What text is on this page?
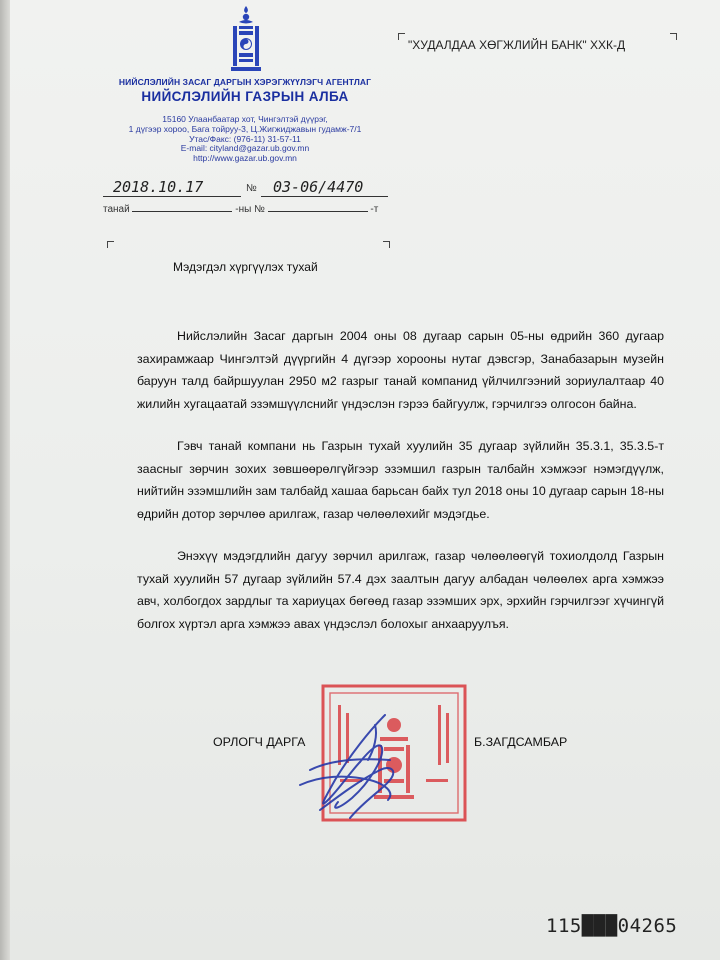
НИЙСЛЭЛИЙН ЗАСАГ ДАРГЫН ХЭРЭГЖҮҮЛЭГЧ АГЕНТЛАГ
НИЙСЛЭЛИЙН ГАЗРЫН АЛБА
15160 Улаанбаатар хот, Чингэлтэй дүүрэг,
1 дүгээр хороо, Бага тойруу-3, Ц.Жигжиджавын гудамж-7/1
Утас/Факс: (976-11) 31-57-11
E-mail: cityland@gazar.ub.gov.mn
http://www.gazar.ub.gov.mn
"ХУДАЛДАА ХӨГЖЛИЙН БАНК" ХХК-Д
2018.10.17	№ 03-06/4470
танай	-ны №	-т
Мэдэгдэл хүргүүлэх тухай

Нийслэлийн Засаг даргын 2004 оны 08 дугаар сарын 05-ны өдрийн 360 дугаар захирамжаар Чингэлтэй дүүргийн 4 дүгээр хорооны нутаг дэвсгэр, Занабазарын музейн баруун талд байршуулан 2950 м2 газрыг танай компанид үйлчилгээний зориулалтаар 40 жилийн хугацаатай эзэмшүүлснийг үндэслэн гэрээ байгуулж, гэрчилгээ олгосон байна.

Гэвч танай компани нь Газрын тухай хуулийн 35 дугаар зүйлийн 35.3.1, 35.3.5-т заасныг зөрчин зохих зөвшөөрөлгүйгээр эзэмшил газрын талбайн хэмжээг нэмэгдүүлж, нийтийн эзэмшлийн зам талбайд хашаа барьсан байх тул 2018 оны 10 дугаар сарын 18-ны өдрийн дотор зөрчлөө арилгаж, газар чөлөөлөхийг мэдэгдье.

Энэхүү мэдэгдлийн дагуу зөрчил арилгаж, газар чөлөөлөөгүй тохиолдолд Газрын тухай хуулийн 57 дугаар зүйлийн 57.4 дэх заалтын дагуу албадан чөлөөлөх арга хэмжээ авч, холбогдох зардлыг та хариуцах бөгөөд газар эзэмших эрх, эрхийн гэрчилгээг хүчингүй болгох хүртэл арга хэмжээ авах үндэслэл болохыг анхааруулъя.

ОРЛОГЧ ДАРГА	Б.ЗАГДСАМБАР
115███04265
